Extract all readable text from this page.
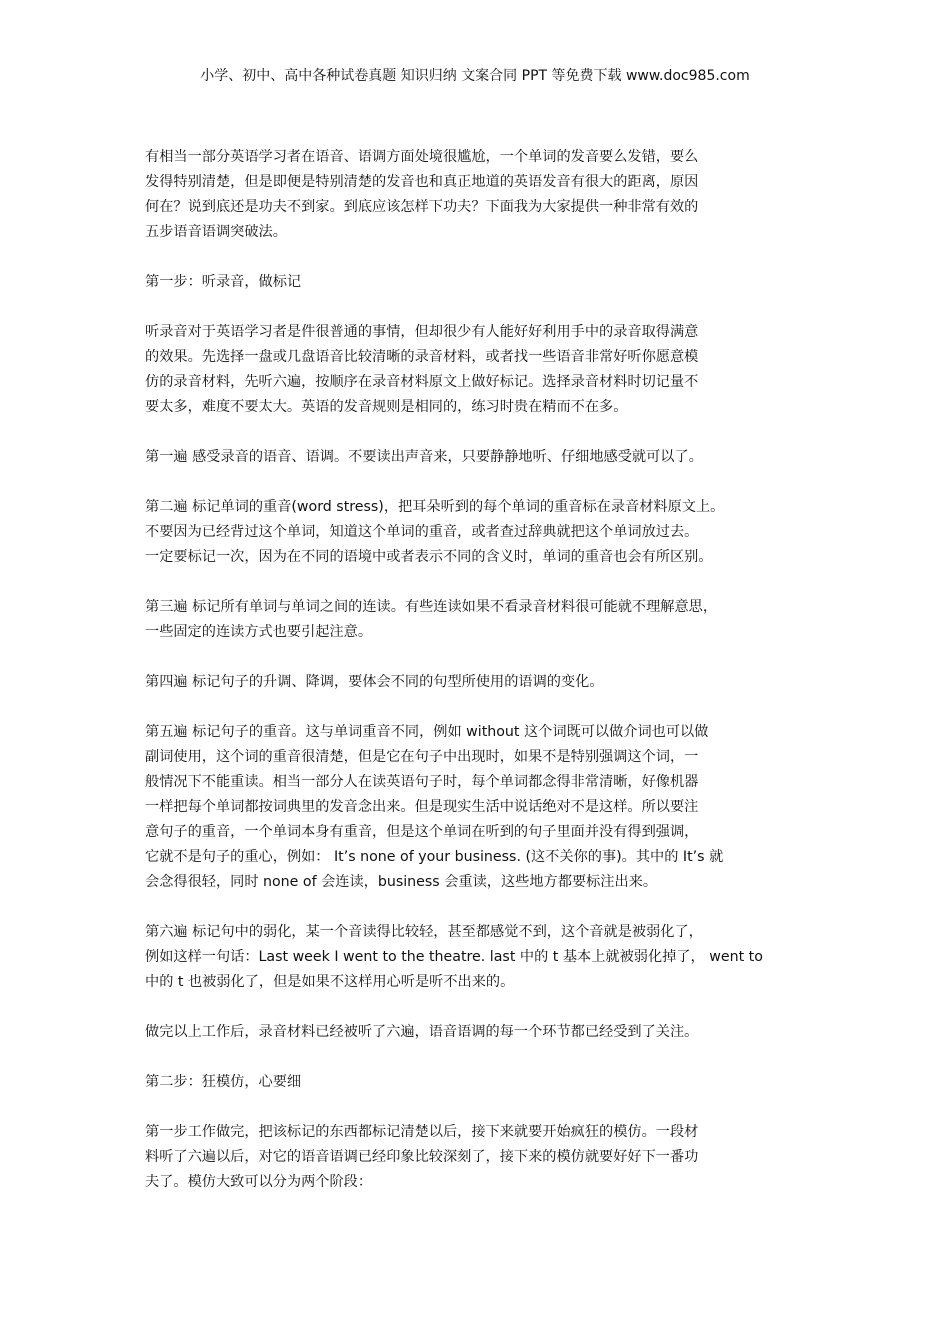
小学、初中、高中各种试卷真题 知识归纳 文案合同 PPT 等免费下载 www.doc985.com
有相当一部分英语学习者在语音、语调方面处境很尴尬，一个单词的发音要么发错，要么
发得特别清楚，但是即便是特别清楚的发音也和真正地道的英语发音有很大的距离，原因
何在？说到底还是功夫不到家。到底应该怎样下功夫？下面我为大家提供一种非常有效的
五步语音语调突破法。
第一步：听录音，做标记
听录音对于英语学习者是件很普通的事情，但却很少有人能好好利用手中的录音取得满意
的效果。先选择一盘或几盘语音比较清晰的录音材料，或者找一些语音非常好听你愿意模
仿的录音材料，先听六遍，按顺序在录音材料原文上做好标记。选择录音材料时切记量不
要太多，难度不要太大。英语的发音规则是相同的，练习时贵在精而不在多。
第一遍 感受录音的语音、语调。不要读出声音来，只要静静地听、仔细地感受就可以了。
第二遍 标记单词的重音(word stress)，把耳朵听到的每个单词的重音标在录音材料原文上。
不要因为已经背过这个单词，知道这个单词的重音，或者查过辞典就把这个单词放过去。
一定要标记一次，因为在不同的语境中或者表示不同的含义时，单词的重音也会有所区别。
第三遍 标记所有单词与单词之间的连读。有些连读如果不看录音材料很可能就不理解意思，
一些固定的连读方式也要引起注意。
第四遍 标记句子的升调、降调，要体会不同的句型所使用的语调的变化。
第五遍 标记句子的重音。这与单词重音不同，例如 without 这个词既可以做介词也可以做
副词使用，这个词的重音很清楚，但是它在句子中出现时，如果不是特别强调这个词，一
般情况下不能重读。相当一部分人在读英语句子时，每个单词都念得非常清晰，好像机器
一样把每个单词都按词典里的发音念出来。但是现实生活中说话绝对不是这样。所以要注
意句子的重音，一个单词本身有重音，但是这个单词在听到的句子里面并没有得到强调，
它就不是句子的重心，例如： It’s none of your business. (这不关你的事)。其中的 It’s 就
会念得很轻，同时 none of 会连读，business 会重读，这些地方都要标注出来。
第六遍 标记句中的弱化，某一个音读得比较轻，甚至都感觉不到，这个音就是被弱化了，
例如这样一句话：Last week I went to the theatre. last 中的 t 基本上就被弱化掉了， went to
中的 t 也被弱化了，但是如果不这样用心听是听不出来的。
做完以上工作后，录音材料已经被听了六遍，语音语调的每一个环节都已经受到了关注。
第二步：狂模仿，心要细
第一步工作做完，把该标记的东西都标记清楚以后，接下来就要开始疯狂的模仿。一段材
料听了六遍以后，对它的语音语调已经印象比较深刻了，接下来的模仿就要好好下一番功
夫了。模仿大致可以分为两个阶段：
